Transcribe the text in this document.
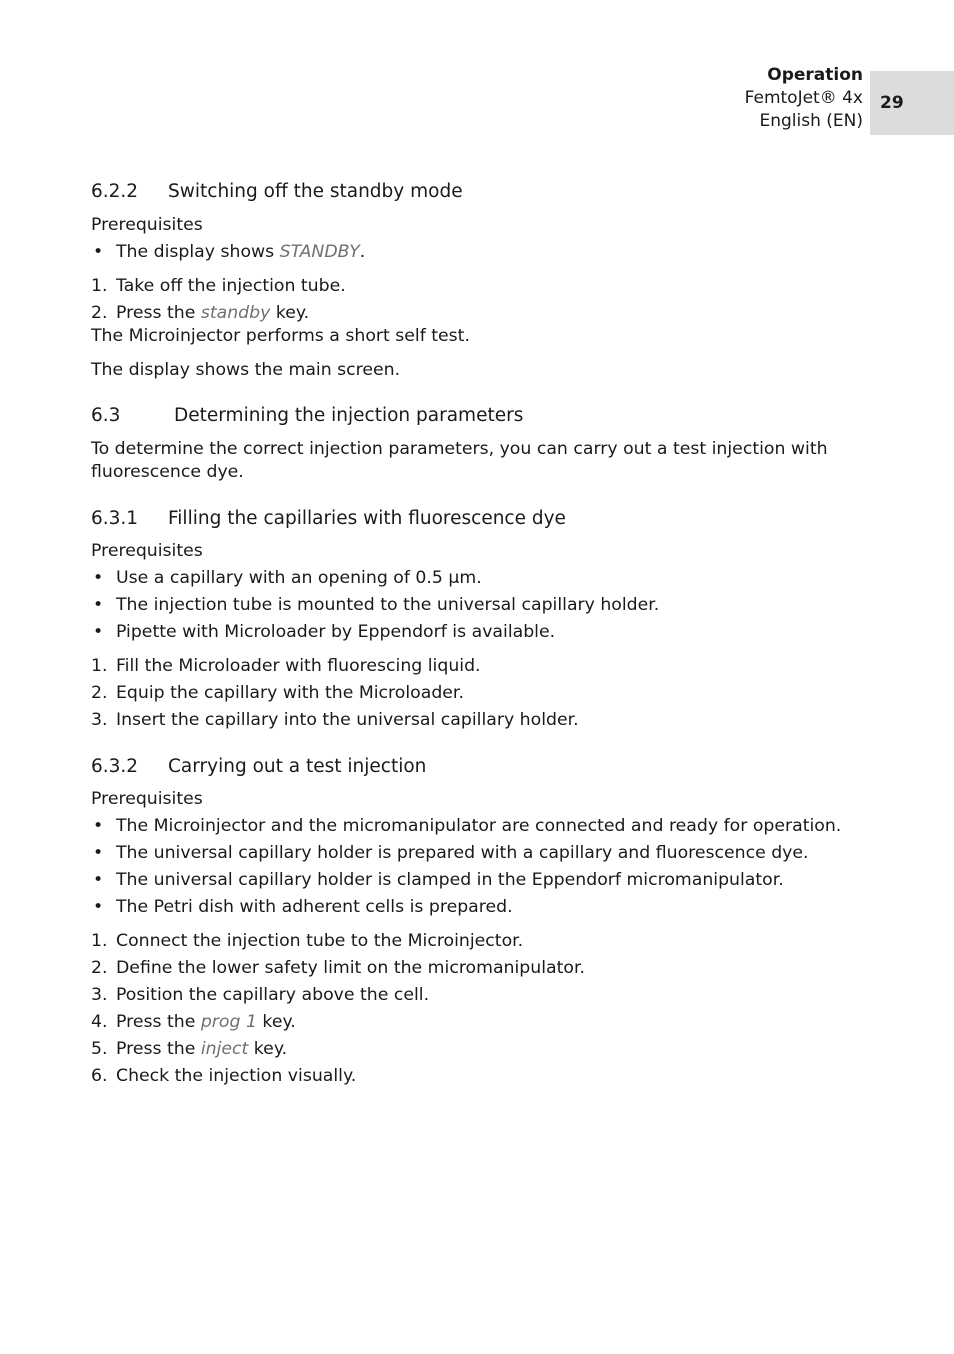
Operation
FemtoJet® 4x
English (EN)
29
6.2.2	Switching off the standby mode

Prerequisites

• The display shows STANDBY.
1. Take off the injection tube.
2. Press the standby key.

The Microinjector performs a short self test.

The display shows the main screen.

6.3	Determining the injection parameters

To determine the correct injection parameters, you can carry out a test injection with fluorescence dye.

6.3.1	Filling the capillaries with fluorescence dye

Prerequisites

• Use a capillary with an opening of 0.5 µm.
• The injection tube is mounted to the universal capillary holder.
• Pipette with Microloader by Eppendorf is available.
1. Fill the Microloader with fluorescing liquid.
2. Equip the capillary with the Microloader.
3. Insert the capillary into the universal capillary holder.
6.3.2	Carrying out a test injection

Prerequisites

• The Microinjector and the micromanipulator are connected and ready for operation.
• The universal capillary holder is prepared with a capillary and fluorescence dye.
• The universal capillary holder is clamped in the Eppendorf micromanipulator.
• The Petri dish with adherent cells is prepared.
1. Connect the injection tube to the Microinjector.
2. Define the lower safety limit on the micromanipulator.
3. Position the capillary above the cell.
4. Press the prog 1 key.
5. Press the inject key.
6. Check the injection visually.
